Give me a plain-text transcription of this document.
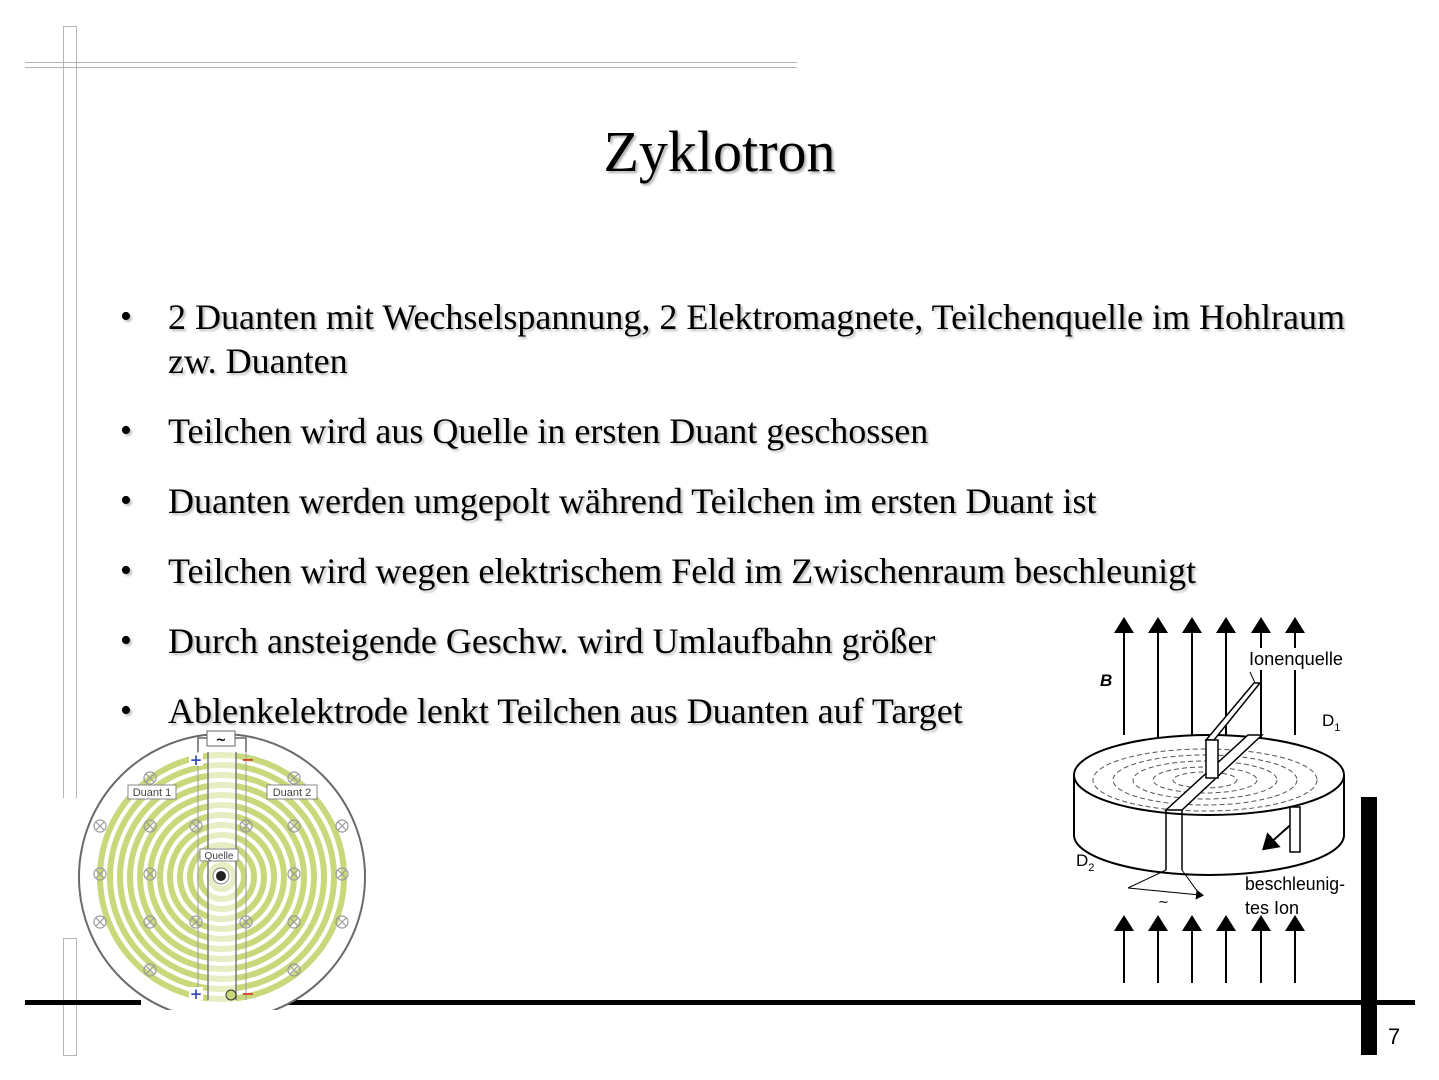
Zyklotron
• 2 Duanten mit Wechselspannung, 2 Elektromagnete, Teilchenquelle im Hohlraum zw. Duanten
• Teilchen wird aus Quelle in ersten Duant geschossen
• Duanten werden umgepolt während Teilchen im ersten Duant ist
• Teilchen wird wegen elektrischem Feld im Zwischenraum beschleunigt
• Durch ansteigende Geschw. wird Umlaufbahn größer
• Ablenkelektrode lenkt Teilchen aus Duanten auf Target
7
~
+ −
+ −
Duant 1	Duant 2
Quelle
~
B
Ionenquelle
$D_1$
$D_2$
beschleunig-
tes Ion
